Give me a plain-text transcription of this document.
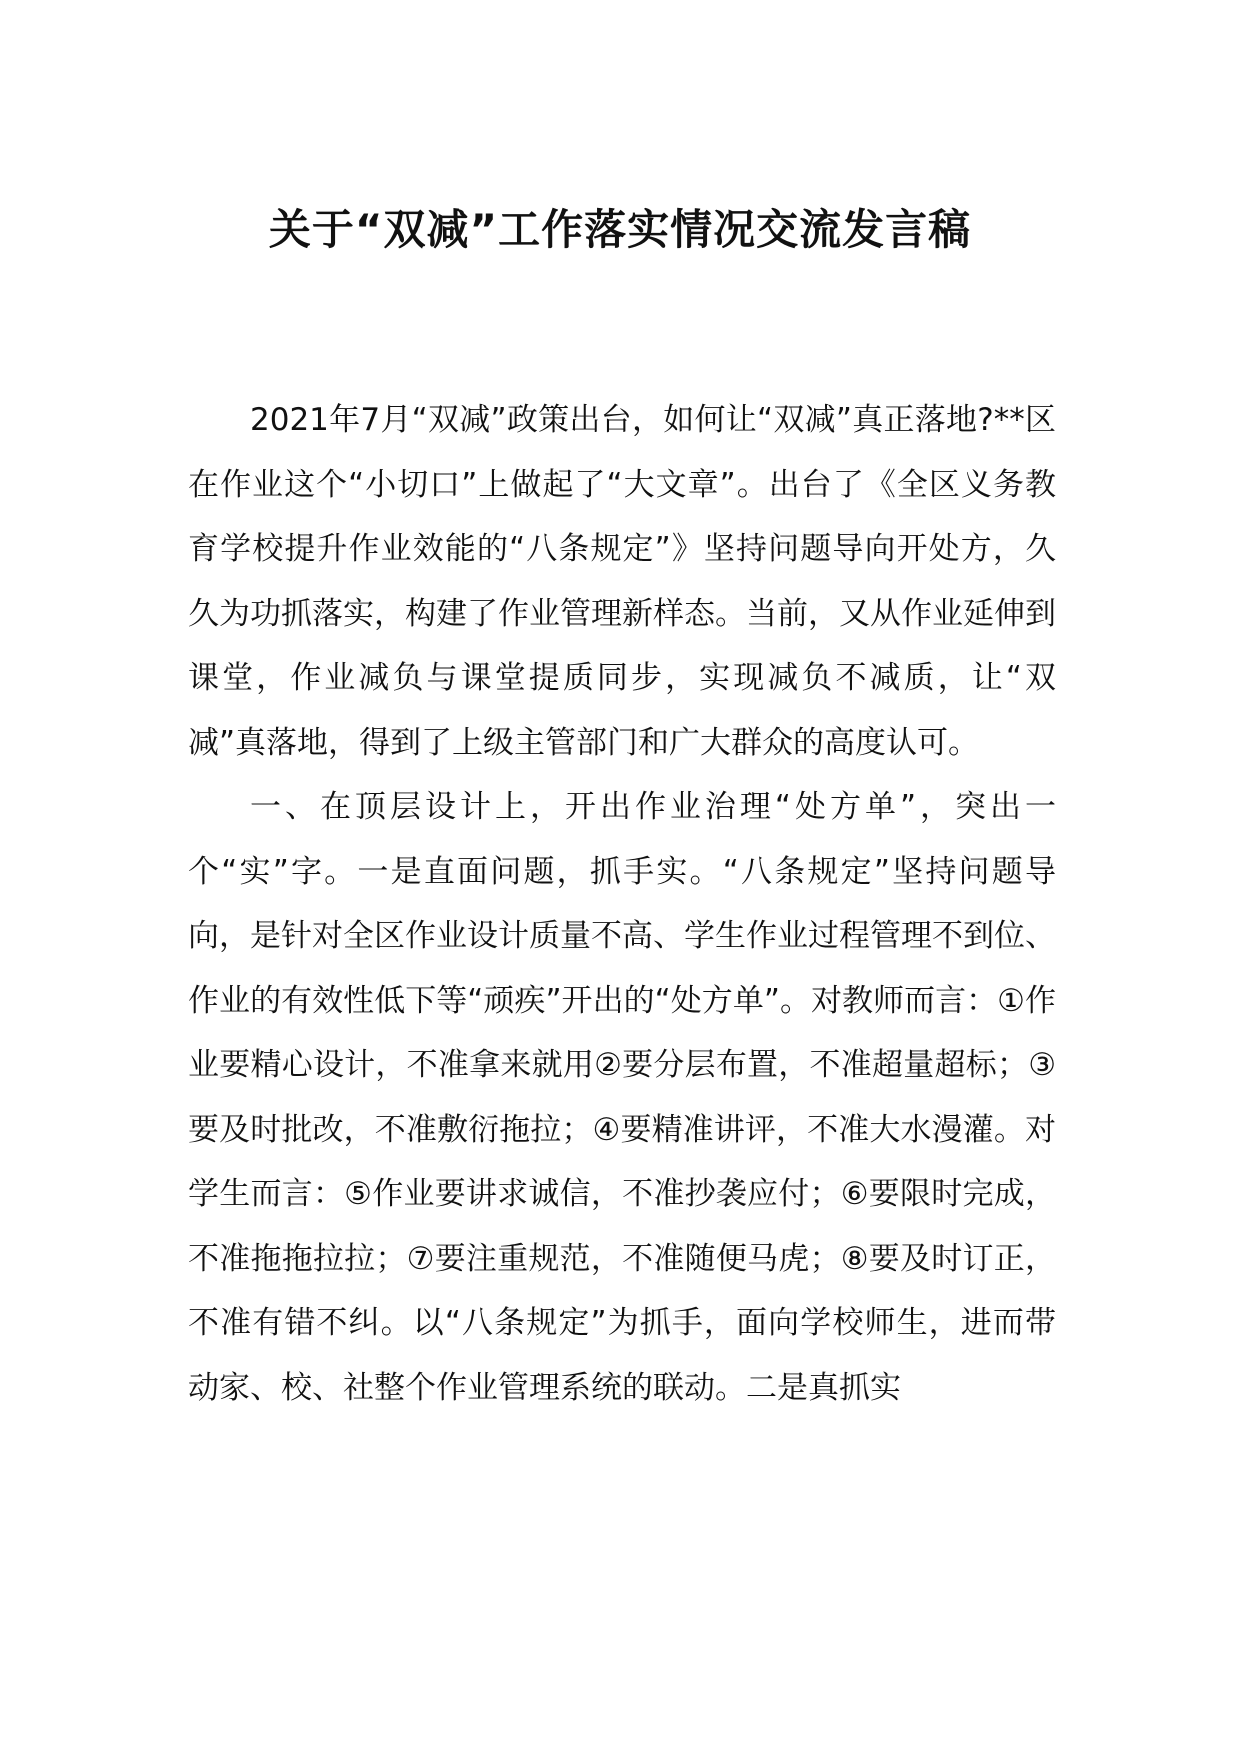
关于“双减”工作落实情况交流发言稿

2021年7月“双减”政策出台，如何让“双减”真正落地?**区在作业这个“小切口”上做起了“大文章”。出台了《全区义务教育学校提升作业效能的“八条规定”》坚持问题导向开处方，久久为功抓落实，构建了作业管理新样态。当前，又从作业延伸到课堂，作业减负与课堂提质同步，实现减负不减质，让“双减”真落地，得到了上级主管部门和广大群众的高度认可。

一、在顶层设计上，开出作业治理“处方单”，突出一个“实”字。一是直面问题，抓手实。“八条规定”坚持问题导向，是针对全区作业设计质量不高、学生作业过程管理不到位、作业的有效性低下等“顽疾”开出的“处方单”。对教师而言：①作业要精心设计，不准拿来就用②要分层布置，不准超量超标；③要及时批改，不准敷衍拖拉；④要精准讲评，不准大水漫灌。对学生而言：⑤作业要讲求诚信，不准抄袭应付；⑥要限时完成，不准拖拖拉拉；⑦要注重规范，不准随便马虎；⑧要及时订正，不准有错不纠。以“八条规定”为抓手，面向学校师生，进而带动家、校、社整个作业管理系统的联动。二是真抓实
